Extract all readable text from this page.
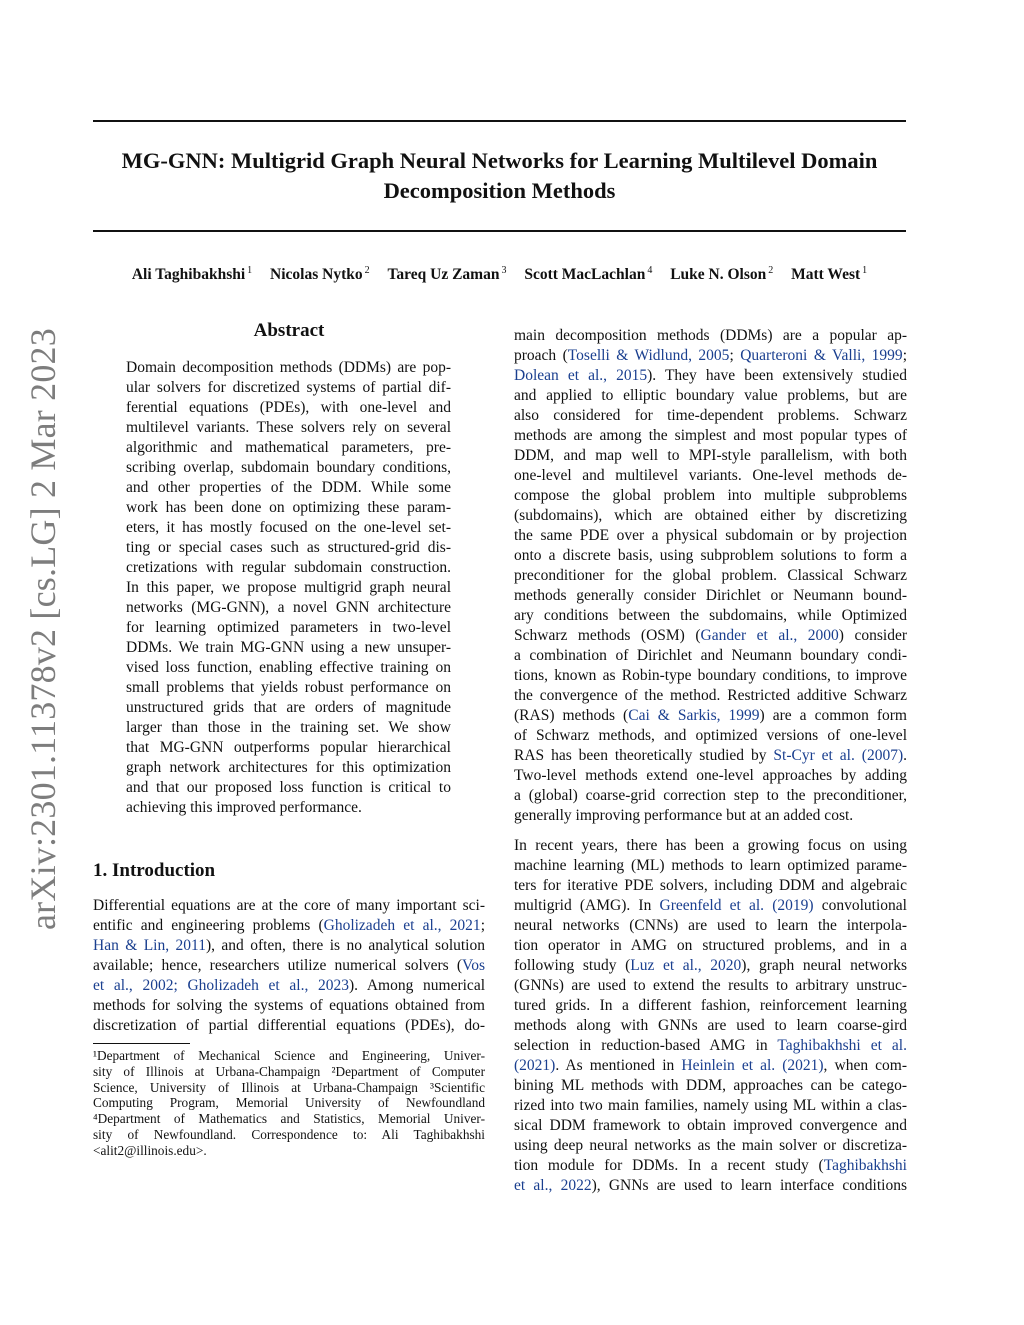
MG-GNN: Multigrid Graph Neural Networks for Learning Multilevel Domain
Decomposition Methods
Ali Taghibakhshi $^1$ Nicolas Nytko $^2$ Tareq Uz Zaman $^3$ Scott MacLachlan $^4$ Luke N. Olson $^2$ Matt West $^1$
arXiv:2301.11378v2 [cs.LG] 2 Mar 2023	Abstract
Domain decomposition methods (DDMs) are pop-
ular solvers for discretized systems of partial dif-
ferential equations (PDEs), with one-level and
multilevel variants. These solvers rely on several
algorithmic and mathematical parameters, pre-
scribing overlap, subdomain boundary conditions,
and other properties of the DDM. While some
work has been done on optimizing these param-
eters, it has mostly focused on the one-level set-
ting or special cases such as structured-grid dis-
cretizations with regular subdomain construction.
In this paper, we propose multigrid graph neural
networks (MG-GNN), a novel GNN architecture
for learning optimized parameters in two-level
DDMs. We train MG-GNN using a new unsuper-
vised loss function, enabling effective training on
small problems that yields robust performance on
unstructured grids that are orders of magnitude
larger than those in the training set. We show
that MG-GNN outperforms popular hierarchical
graph network architectures for this optimization
and that our proposed loss function is critical to
achieving this improved performance.
1. Introduction
Differential equations are at the core of many important sci-
entific and engineering problems (Gholizadeh et al., 2021;
Han & Lin, 2011), and often, there is no analytical solution
available; hence, researchers utilize numerical solvers (Vos
et al., 2002; Gholizadeh et al., 2023). Among numerical
methods for solving the systems of equations obtained from
discretization of partial differential equations (PDEs), do-
¹Department of Mechanical Science and Engineering, Univer-
sity of Illinois at Urbana-Champaign ²Department of Computer
Science, University of Illinois at Urbana-Champaign ³Scientific
Computing Program, Memorial University of Newfoundland
⁴Department of Mathematics and Statistics, Memorial Univer-
sity of Newfoundland. Correspondence to: Ali Taghibakhshi
<alit2@illinois.edu>.
main decomposition methods (DDMs) are a popular ap-
proach (Toselli & Widlund, 2005; Quarteroni & Valli, 1999;
Dolean et al., 2015). They have been extensively studied
and applied to elliptic boundary value problems, but are
also considered for time-dependent problems. Schwarz
methods are among the simplest and most popular types of
DDM, and map well to MPI-style parallelism, with both
one-level and multilevel variants. One-level methods de-
compose the global problem into multiple subproblems
(subdomains), which are obtained either by discretizing
the same PDE over a physical subdomain or by projection
onto a discrete basis, using subproblem solutions to form a
preconditioner for the global problem. Classical Schwarz
methods generally consider Dirichlet or Neumann bound-
ary conditions between the subdomains, while Optimized
Schwarz methods (OSM) (Gander et al., 2000) consider
a combination of Dirichlet and Neumann boundary condi-
tions, known as Robin-type boundary conditions, to improve
the convergence of the method. Restricted additive Schwarz
(RAS) methods (Cai & Sarkis, 1999) are a common form
of Schwarz methods, and optimized versions of one-level
RAS has been theoretically studied by St-Cyr et al. (2007).
Two-level methods extend one-level approaches by adding
a (global) coarse-grid correction step to the preconditioner,
generally improving performance but at an added cost.
In recent years, there has been a growing focus on using
machine learning (ML) methods to learn optimized parame-
ters for iterative PDE solvers, including DDM and algebraic
multigrid (AMG). In Greenfeld et al. (2019) convolutional
neural networks (CNNs) are used to learn the interpola-
tion operator in AMG on structured problems, and in a
following study (Luz et al., 2020), graph neural networks
(GNNs) are used to extend the results to arbitrary unstruc-
tured grids. In a different fashion, reinforcement learning
methods along with GNNs are used to learn coarse-gird
selection in reduction-based AMG in Taghibakhshi et al.
(2021). As mentioned in Heinlein et al. (2021), when com-
bining ML methods with DDM, approaches can be catego-
rized into two main families, namely using ML within a clas-
sical DDM framework to obtain improved convergence and
using deep neural networks as the main solver or discretiza-
tion module for DDMs. In a recent study (Taghibakhshi
et al., 2022), GNNs are used to learn interface conditions
